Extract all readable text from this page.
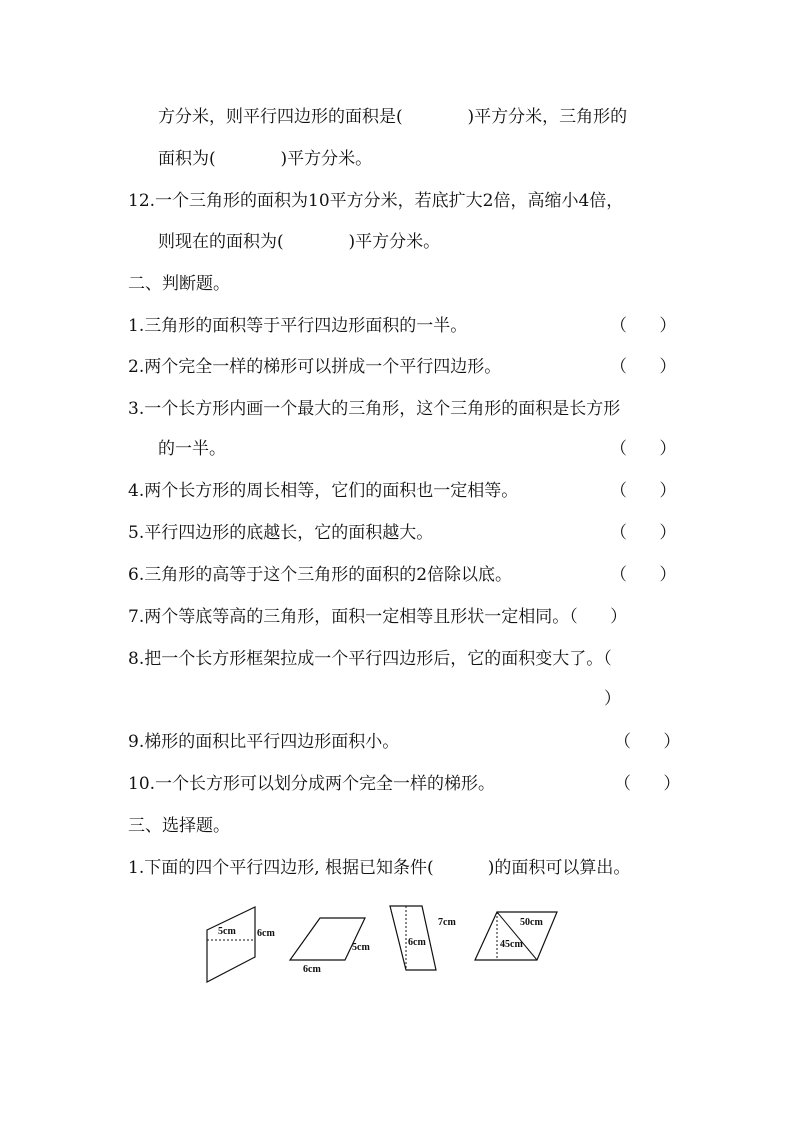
方分米，则平行四边形的面积是(            )平方分米，三角形的
面积为(            )平方分米。
12.一个三角形的面积为10平方分米，若底扩大2倍，高缩小4倍，
则现在的面积为(            )平方分米。
二、判断题。
1.三角形的面积等于平行四边形面积的一半。	（      ）
2.两个完全一样的梯形可以拼成一个平行四边形。	（      ）
3.一个长方形内画一个最大的三角形，这个三角形的面积是长方形
的一半。	（      ）
4.两个长方形的周长相等，它们的面积也一定相等。	（      ）
5.平行四边形的底越长，它的面积越大。	（      ）
6.三角形的高等于这个三角形的面积的2倍除以底。	（      ）
7.两个等底等高的三角形，面积一定相等且形状一定相同。（      ）
8.把一个长方形框架拉成一个平行四边形后，它的面积变大了。（
）
9.梯形的面积比平行四边形面积小。	（      ）
10.一个长方形可以划分成两个完全一样的梯形。	（      ）
三、选择题。
1.下面的四个平行四边形, 根据已知条件(          )的面积可以算出。
5cm 6cm
6cm
5cm
7cm
6cm
50cm
45cm
